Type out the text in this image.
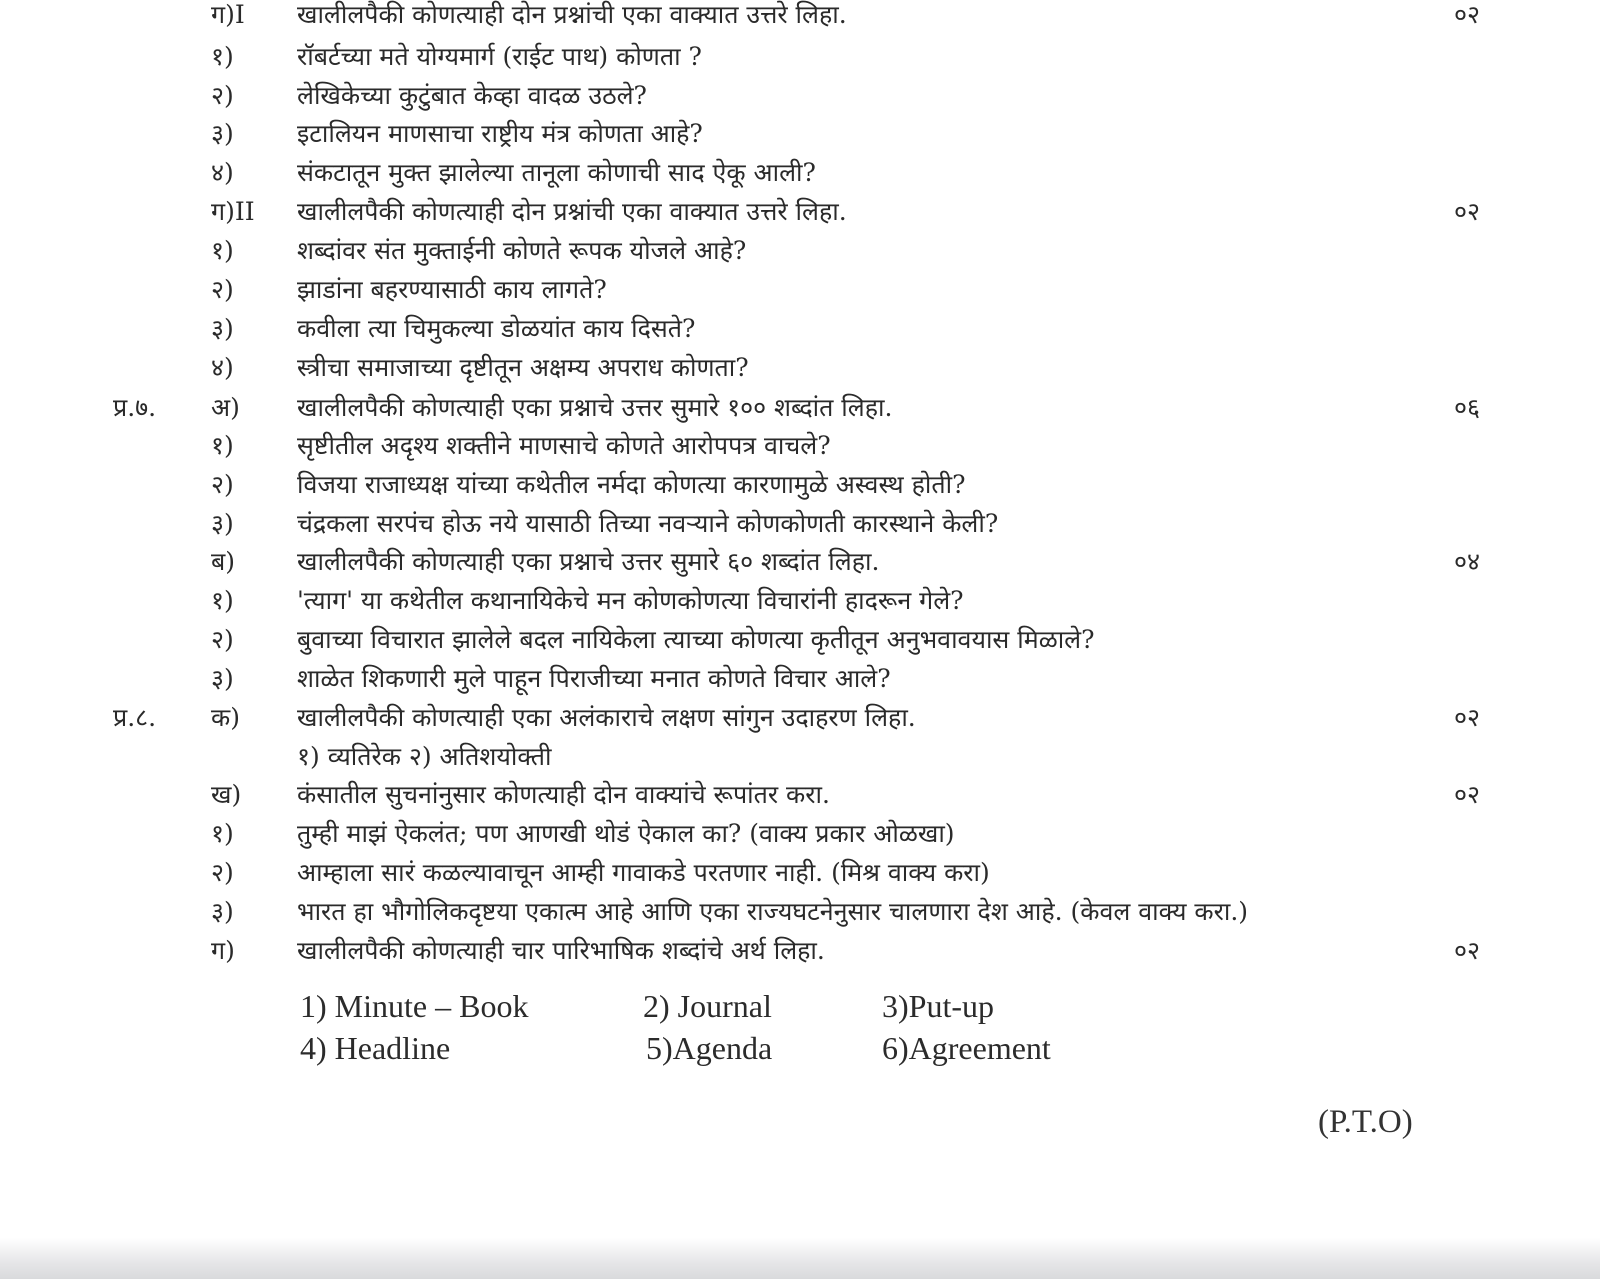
ग)I खालीलपैकी कोणत्याही दोन प्रश्नांची एका वाक्यात उत्तरे लिहा.	०२
१)	रॉबर्टच्या मते योग्यमार्ग (राईट पाथ) कोणता ?
२)	लेखिकेच्या कुटुंबात केव्हा वादळ उठले?
३)	इटालियन माणसाचा राष्ट्रीय मंत्र कोणता आहे?
४)	संकटातून मुक्त झालेल्या तानूला कोणाची साद ऐकू आली?
ग)II खालीलपैकी कोणत्याही दोन प्रश्नांची एका वाक्यात उत्तरे लिहा.	०२
१)	शब्दांवर संत मुक्ताईनी कोणते रूपक योजले आहे?
२)	झाडांना बहरण्यासाठी काय लागते?
३)	कवीला त्या चिमुकल्या डोळयांत काय दिसते?
४)	स्त्रीचा समाजाच्या दृष्टीतून अक्षम्य अपराध कोणता?
प्र.७. अ) खालीलपैकी कोणत्याही एका प्रश्नाचे उत्तर सुमारे १०० शब्दांत लिहा.	०६
१)	सृष्टीतील अदृश्य शक्तीने माणसाचे कोणते आरोपपत्र वाचले?
२)	विजया राजाध्यक्ष यांच्या कथेतील नर्मदा कोणत्या कारणामुळे अस्वस्थ होती?
३)	चंद्रकला सरपंच होऊ नये यासाठी तिच्या नवऱ्याने कोणकोणती कारस्थाने केली?
ब) खालीलपैकी कोणत्याही एका प्रश्नाचे उत्तर सुमारे ६० शब्दांत लिहा.	०४
१)	'त्याग' या कथेतील कथानायिकेचे मन कोणकोणत्या विचारांनी हादरून गेले?
२)	बुवाच्या विचारात झालेले बदल नायिकेला त्याच्या कोणत्या कृतीतून अनुभवावयास मिळाले?
३)	शाळेत शिकणारी मुले पाहून पिराजीच्या मनात कोणते विचार आले?
प्र.८. क) खालीलपैकी कोणत्याही एका अलंकाराचे लक्षण सांगुन उदाहरण लिहा.	०२
१) व्यतिरेक २) अतिशयोक्ती
ख) कंसातील सुचनांनुसार कोणत्याही दोन वाक्यांचे रूपांतर करा.	०२
१)	तुम्ही माझं ऐकलंत; पण आणखी थोडं ऐकाल का? (वाक्य प्रकार ओळखा)
२)	आम्हाला सारं कळल्यावाचून आम्ही गावाकडे परतणार नाही. (मिश्र वाक्य करा)
३)	भारत हा भौगोलिकदृष्टया एकात्म आहे आणि एका राज्यघटनेनुसार चालणारा देश आहे. (केवल वाक्य करा.)
ग) खालीलपैकी कोणत्याही चार पारिभाषिक शब्दांचे अर्थ लिहा.	०२
1) Minute – Book	2) Journal	3)Put-up
4) Headline	5)Agenda	6)Agreement
(P.T.O)
